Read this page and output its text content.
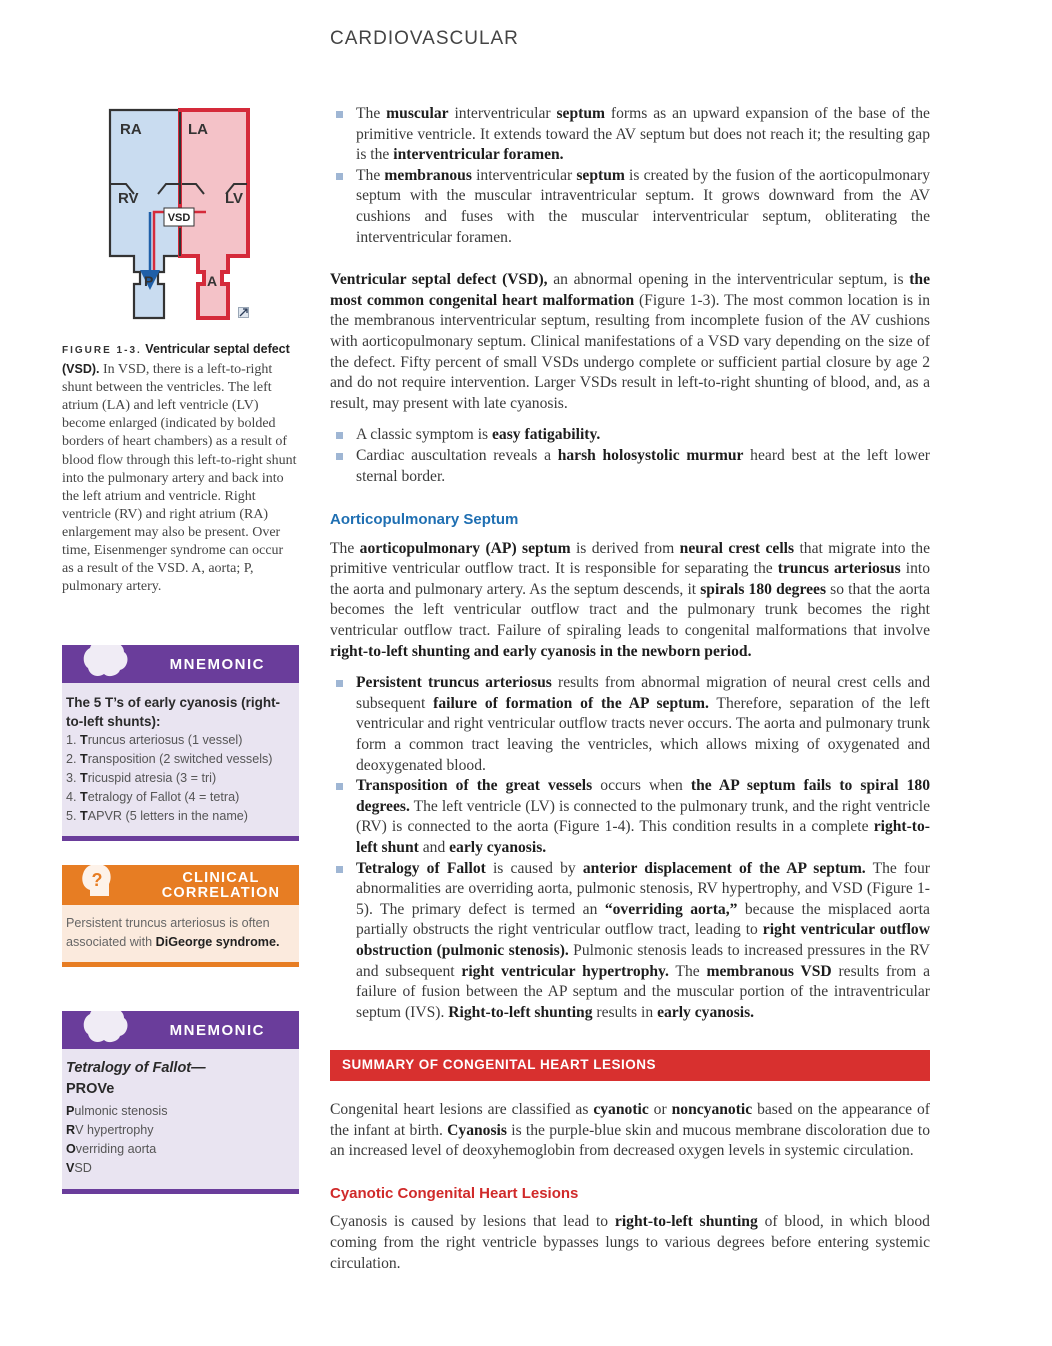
CARDIOVASCULAR
VSD
RA	LA
RV	LV
P	A
FIGURE 1-3. Ventricular septal defect (VSD). In VSD, there is a left-to-right shunt between the ventricles. The left atrium (LA) and left ventricle (LV) become enlarged (indicated by bolded borders of heart chambers) as a result of blood flow through this left-to-right shunt into the pulmonary artery and back into the left atrium and ventricle. Right ventricle (RV) and right atrium (RA) enlargement may also be present. Over time, Eisenmenger syndrome can occur as a result of the VSD. A, aorta; P, pulmonary artery.
MNEMONIC
The 5 T’s of early cyanosis (right-to-left shunts):
1. Truncus arteriosus (1 vessel)
2. Transposition (2 switched vessels)
3. Tricuspid atresia (3 = tri)
4. Tetralogy of Fallot (4 = tetra)
5. TAPVR (5 letters in the name)
?	CLINICAL
CORRELATION
Persistent truncus arteriosus is often associated with DiGeorge syndrome.
MNEMONIC
Tetralogy of Fallot—
PROVe
Pulmonic stenosis
RV hypertrophy
Overriding aorta
VSD
The muscular interventricular septum forms as an upward expansion of the base of the primitive ventricle. It extends toward the AV septum but does not reach it; the resulting gap is the interventricular foramen.
The membranous interventricular septum is created by the fusion of the aorticopulmonary septum with the muscular intraventricular septum. It grows downward from the AV cushions and fuses with the muscular interventricular septum, obliterating the interventricular foramen.

Ventricular septal defect (VSD), an abnormal opening in the interventricular septum, is the most common congenital heart malformation (Figure 1-3). The most common location is in the membranous interventricular septum, resulting from incomplete fusion of the AV cushions with aorticopulmonary septum. Clinical manifestations of a VSD vary depending on the size of the defect. Fifty percent of small VSDs undergo complete or sufficient partial closure by age 2 and do not require intervention. Larger VSDs result in left-to-right shunting of blood, and, as a result, may present with late cyanosis.

A classic symptom is easy fatigability.
Cardiac auscultation reveals a harsh holosystolic murmur heard best at the left lower sternal border.
Aorticopulmonary Septum

The aorticopulmonary (AP) septum is derived from neural crest cells that migrate into the primitive ventricular outflow tract. It is responsible for separating the truncus arteriosus into the aorta and pulmonary artery. As the septum descends, it spirals 180 degrees so that the aorta becomes the left ventricular outflow tract and the pulmonary trunk becomes the right ventricular outflow tract. Failure of spiraling leads to congenital malformations that involve right-to-left shunting and early cyanosis in the newborn period.

Persistent truncus arteriosus results from abnormal migration of neural crest cells and subsequent failure of formation of the AP septum. Therefore, separation of the left ventricular and right ventricular outflow tracts never occurs. The aorta and pulmonary trunk form a common tract leaving the ventricles, which allows mixing of oxygenated and deoxygenated blood.
Transposition of the great vessels occurs when the AP septum fails to spiral 180 degrees. The left ventricle (LV) is connected to the pulmonary trunk, and the right ventricle (RV) is connected to the aorta (Figure 1-4). This condition results in a complete right-to-left shunt and early cyanosis.
Tetralogy of Fallot is caused by anterior displacement of the AP septum. The four abnormalities are overriding aorta, pulmonic stenosis, RV hypertrophy, and VSD (Figure 1-5). The primary defect is termed an “overriding aorta,” because the misplaced aorta partially obstructs the right ventricular outflow tract, leading to right ventricular outflow obstruction (pulmonic stenosis). Pulmonic stenosis leads to increased pressures in the RV and subsequent right ventricular hypertrophy. The membranous VSD results from a failure of fusion between the AP septum and the muscular portion of the intraventricular septum (IVS). Right-to-left shunting results in early cyanosis.
SUMMARY OF CONGENITAL HEART LESIONS

Congenital heart lesions are classified as cyanotic or noncyanotic based on the appearance of the infant at birth. Cyanosis is the purple-blue skin and mucous membrane discoloration due to an increased level of deoxyhemoglobin from decreased oxygen levels in systemic circulation.

Cyanotic Congenital Heart Lesions

Cyanosis is caused by lesions that lead to right-to-left shunting of blood, in which blood coming from the right ventricle bypasses lungs to various degrees before entering systemic circulation.
